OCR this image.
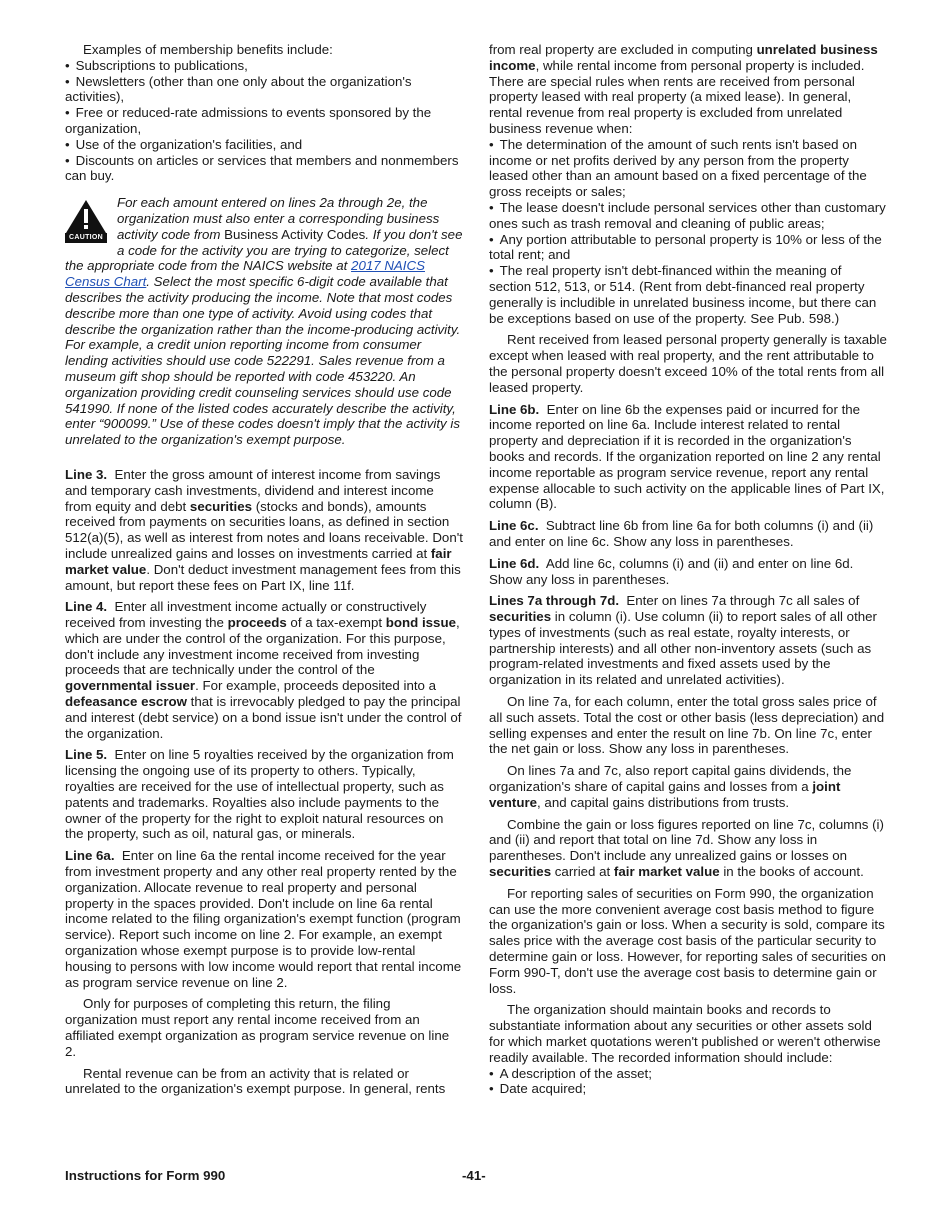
Examples of membership benefits include:

• Subscriptions to publications,

• Newsletters (other than one only about the organization's activities),

• Free or reduced-rate admissions to events sponsored by the organization,

• Use of the organization's facilities, and

• Discounts on articles or services that members and nonmembers can buy.

CAUTION
For each amount entered on lines 2a through 2e, the organization must also enter a corresponding business activity code from Business Activity Codes. If you don't see a code for the activity you are trying to categorize, select the appropriate code from the NAICS website at 2017 NAICS Census Chart. Select the most specific 6-digit code available that describes the activity producing the income. Note that most codes describe more than one type of activity. Avoid using codes that describe the organization rather than the income-producing activity. For example, a credit union reporting income from consumer lending activities should use code 522291. Sales revenue from a museum gift shop should be reported with code 453220. An organization providing credit counseling services should use code 541990. If none of the listed codes accurately describe the activity, enter “900099.” Use of these codes doesn't imply that the activity is unrelated to the organization's exempt purpose.

Line 3. Enter the gross amount of interest income from savings and temporary cash investments, dividend and interest income from equity and debt securities (stocks and bonds), amounts received from payments on securities loans, as defined in section 512(a)(5), as well as interest from notes and loans receivable. Don't include unrealized gains and losses on investments carried at fair market value. Don't deduct investment management fees from this amount, but report these fees on Part IX, line 11f.

Line 4. Enter all investment income actually or constructively received from investing the proceeds of a tax-exempt bond issue, which are under the control of the organization. For this purpose, don't include any investment income received from investing proceeds that are technically under the control of the governmental issuer. For example, proceeds deposited into a defeasance escrow that is irrevocably pledged to pay the principal and interest (debt service) on a bond issue isn't under the control of the organization.

Line 5. Enter on line 5 royalties received by the organization from licensing the ongoing use of its property to others. Typically, royalties are received for the use of intellectual property, such as patents and trademarks. Royalties also include payments to the owner of the property for the right to exploit natural resources on the property, such as oil, natural gas, or minerals.

Line 6a. Enter on line 6a the rental income received for the year from investment property and any other real property rented by the organization. Allocate revenue to real property and personal property in the spaces provided. Don't include on line 6a rental income related to the filing organization's exempt function (program service). Report such income on line 2. For example, an exempt organization whose exempt purpose is to provide low-rental housing to persons with low income would report that rental income as program service revenue on line 2.

Only for purposes of completing this return, the filing organization must report any rental income received from an affiliated exempt organization as program service revenue on line 2.

Rental revenue can be from an activity that is related or unrelated to the organization's exempt purpose. In general, rents

from real property are excluded in computing unrelated business income, while rental income from personal property is included. There are special rules when rents are received from personal property leased with real property (a mixed lease). In general, rental revenue from real property is excluded from unrelated business revenue when:

• The determination of the amount of such rents isn't based on income or net profits derived by any person from the property leased other than an amount based on a fixed percentage of the gross receipts or sales;

• The lease doesn't include personal services other than customary ones such as trash removal and cleaning of public areas;

• Any portion attributable to personal property is 10% or less of the total rent; and

• The real property isn't debt-financed within the meaning of section 512, 513, or 514. (Rent from debt-financed real property generally is includible in unrelated business income, but there can be exceptions based on use of the property. See Pub. 598.)

Rent received from leased personal property generally is taxable except when leased with real property, and the rent attributable to the personal property doesn't exceed 10% of the total rents from all leased property.

Line 6b. Enter on line 6b the expenses paid or incurred for the income reported on line 6a. Include interest related to rental property and depreciation if it is recorded in the organization's books and records. If the organization reported on line 2 any rental income reportable as program service revenue, report any rental expense allocable to such activity on the applicable lines of Part IX, column (B).

Line 6c. Subtract line 6b from line 6a for both columns (i) and (ii) and enter on line 6c. Show any loss in parentheses.

Line 6d. Add line 6c, columns (i) and (ii) and enter on line 6d. Show any loss in parentheses.

Lines 7a through 7d. Enter on lines 7a through 7c all sales of securities in column (i). Use column (ii) to report sales of all other types of investments (such as real estate, royalty interests, or partnership interests) and all other non-inventory assets (such as program-related investments and fixed assets used by the organization in its related and unrelated activities).

On line 7a, for each column, enter the total gross sales price of all such assets. Total the cost or other basis (less depreciation) and selling expenses and enter the result on line 7b. On line 7c, enter the net gain or loss. Show any loss in parentheses.

On lines 7a and 7c, also report capital gains dividends, the organization's share of capital gains and losses from a joint venture, and capital gains distributions from trusts.

Combine the gain or loss figures reported on line 7c, columns (i) and (ii) and report that total on line 7d. Show any loss in parentheses. Don't include any unrealized gains or losses on securities carried at fair market value in the books of account.

For reporting sales of securities on Form 990, the organization can use the more convenient average cost basis method to figure the organization's gain or loss. When a security is sold, compare its sales price with the average cost basis of the particular security to determine gain or loss. However, for reporting sales of securities on Form 990-T, don't use the average cost basis to determine gain or loss.

The organization should maintain books and records to substantiate information about any securities or other assets sold for which market quotations weren't published or weren't otherwise readily available. The recorded information should include:

• A description of the asset;

• Date acquired;

Instructions for Form 990	-41-
